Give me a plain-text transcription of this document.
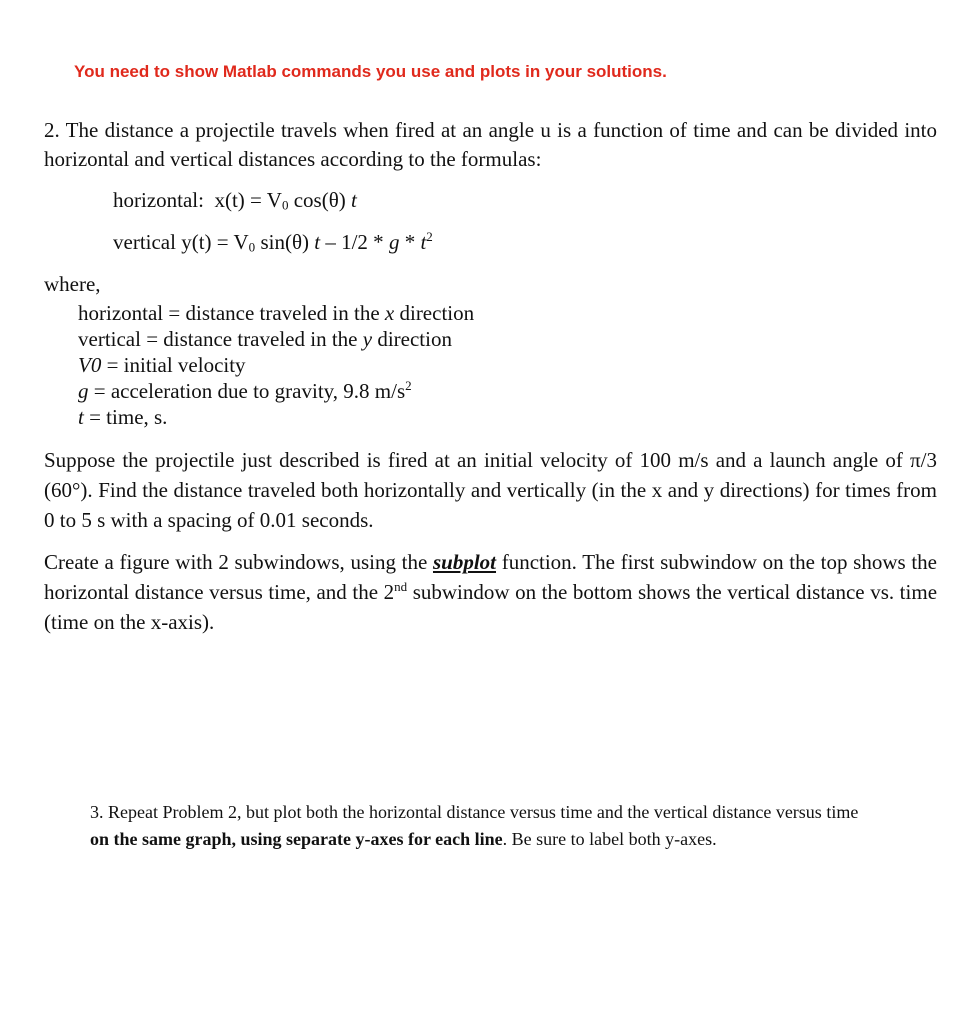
You need to show Matlab commands you use and plots in your solutions.

2. The distance a projectile travels when fired at an angle u is a function of time and can be divided into horizontal and vertical distances according to the formulas:

horizontal: $x(t) = V_0$ cos(θ) t
vertical $y(t) = V_0$ sin(θ) t – 1/2 * g * $t^2$
where,
horizontal = distance traveled in the x direction
vertical = distance traveled in the y direction
V0 = initial velocity
g = acceleration due to gravity, 9.8 $m/s^2$
t = time, s.

Suppose the projectile just described is fired at an initial velocity of 100 m/s and a launch angle of π/3 (60°). Find the distance traveled both horizontally and vertically (in the x and y directions) for times from 0 to 5 s with a spacing of 0.01 seconds.

Create a figure with 2 subwindows, using the subplot function. The first subwindow on the top shows the horizontal distance versus time, and the 2nd subwindow on the bottom shows the vertical distance vs. time (time on the x-axis).

3. Repeat Problem 2, but plot both the horizontal distance versus time and the vertical distance versus time on the same graph, using separate y-axes for each line. Be sure to label both y-axes.
